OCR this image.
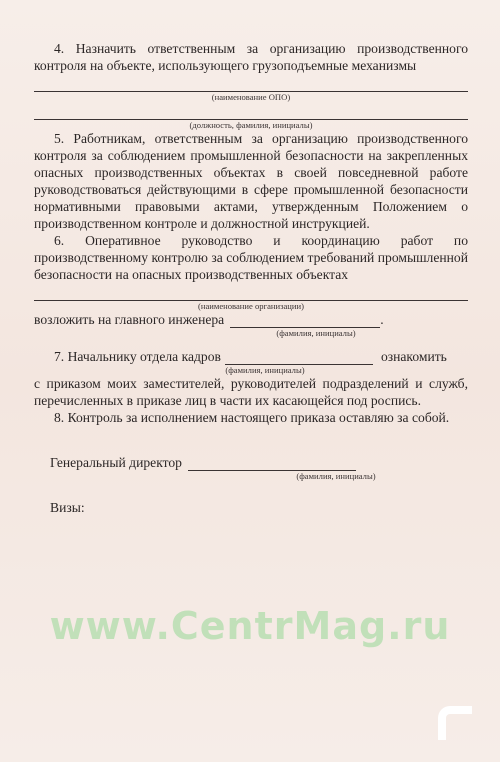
4. Назначить ответственным за организацию производственного контроля на объекте, использующего грузоподъемные механизмы

(наименование ОПО)
(должность, фамилия, инициалы)

5. Работникам, ответственным за организацию производственного контроля за соблюдением промышленной безопасности на закрепленных опасных производственных объектах в своей повседневной работе руководствоваться действующими в сфере промышленной безопасности нормативными правовыми актами, утвержденным Положением о производственном контроле и должностной инструкцией.

6. Оперативное руководство и координацию работ по производственному контролю за соблюдением требований промышленной безопасности на опасных производственных объектах

(наименование организации)
возложить на главного инженера	.
(фамилия, инициалы)
7. Начальнику отдела кадров	ознакомить
(фамилия, инициалы)

с приказом моих заместителей, руководителей подразделений и служб, перечисленных в приказе лиц в части их касающейся под роспись.

8. Контроль за исполнением настоящего приказа оставляю за собой.

Генеральный директор
(фамилия, инициалы)
Визы:
www.CentrMag.ru
